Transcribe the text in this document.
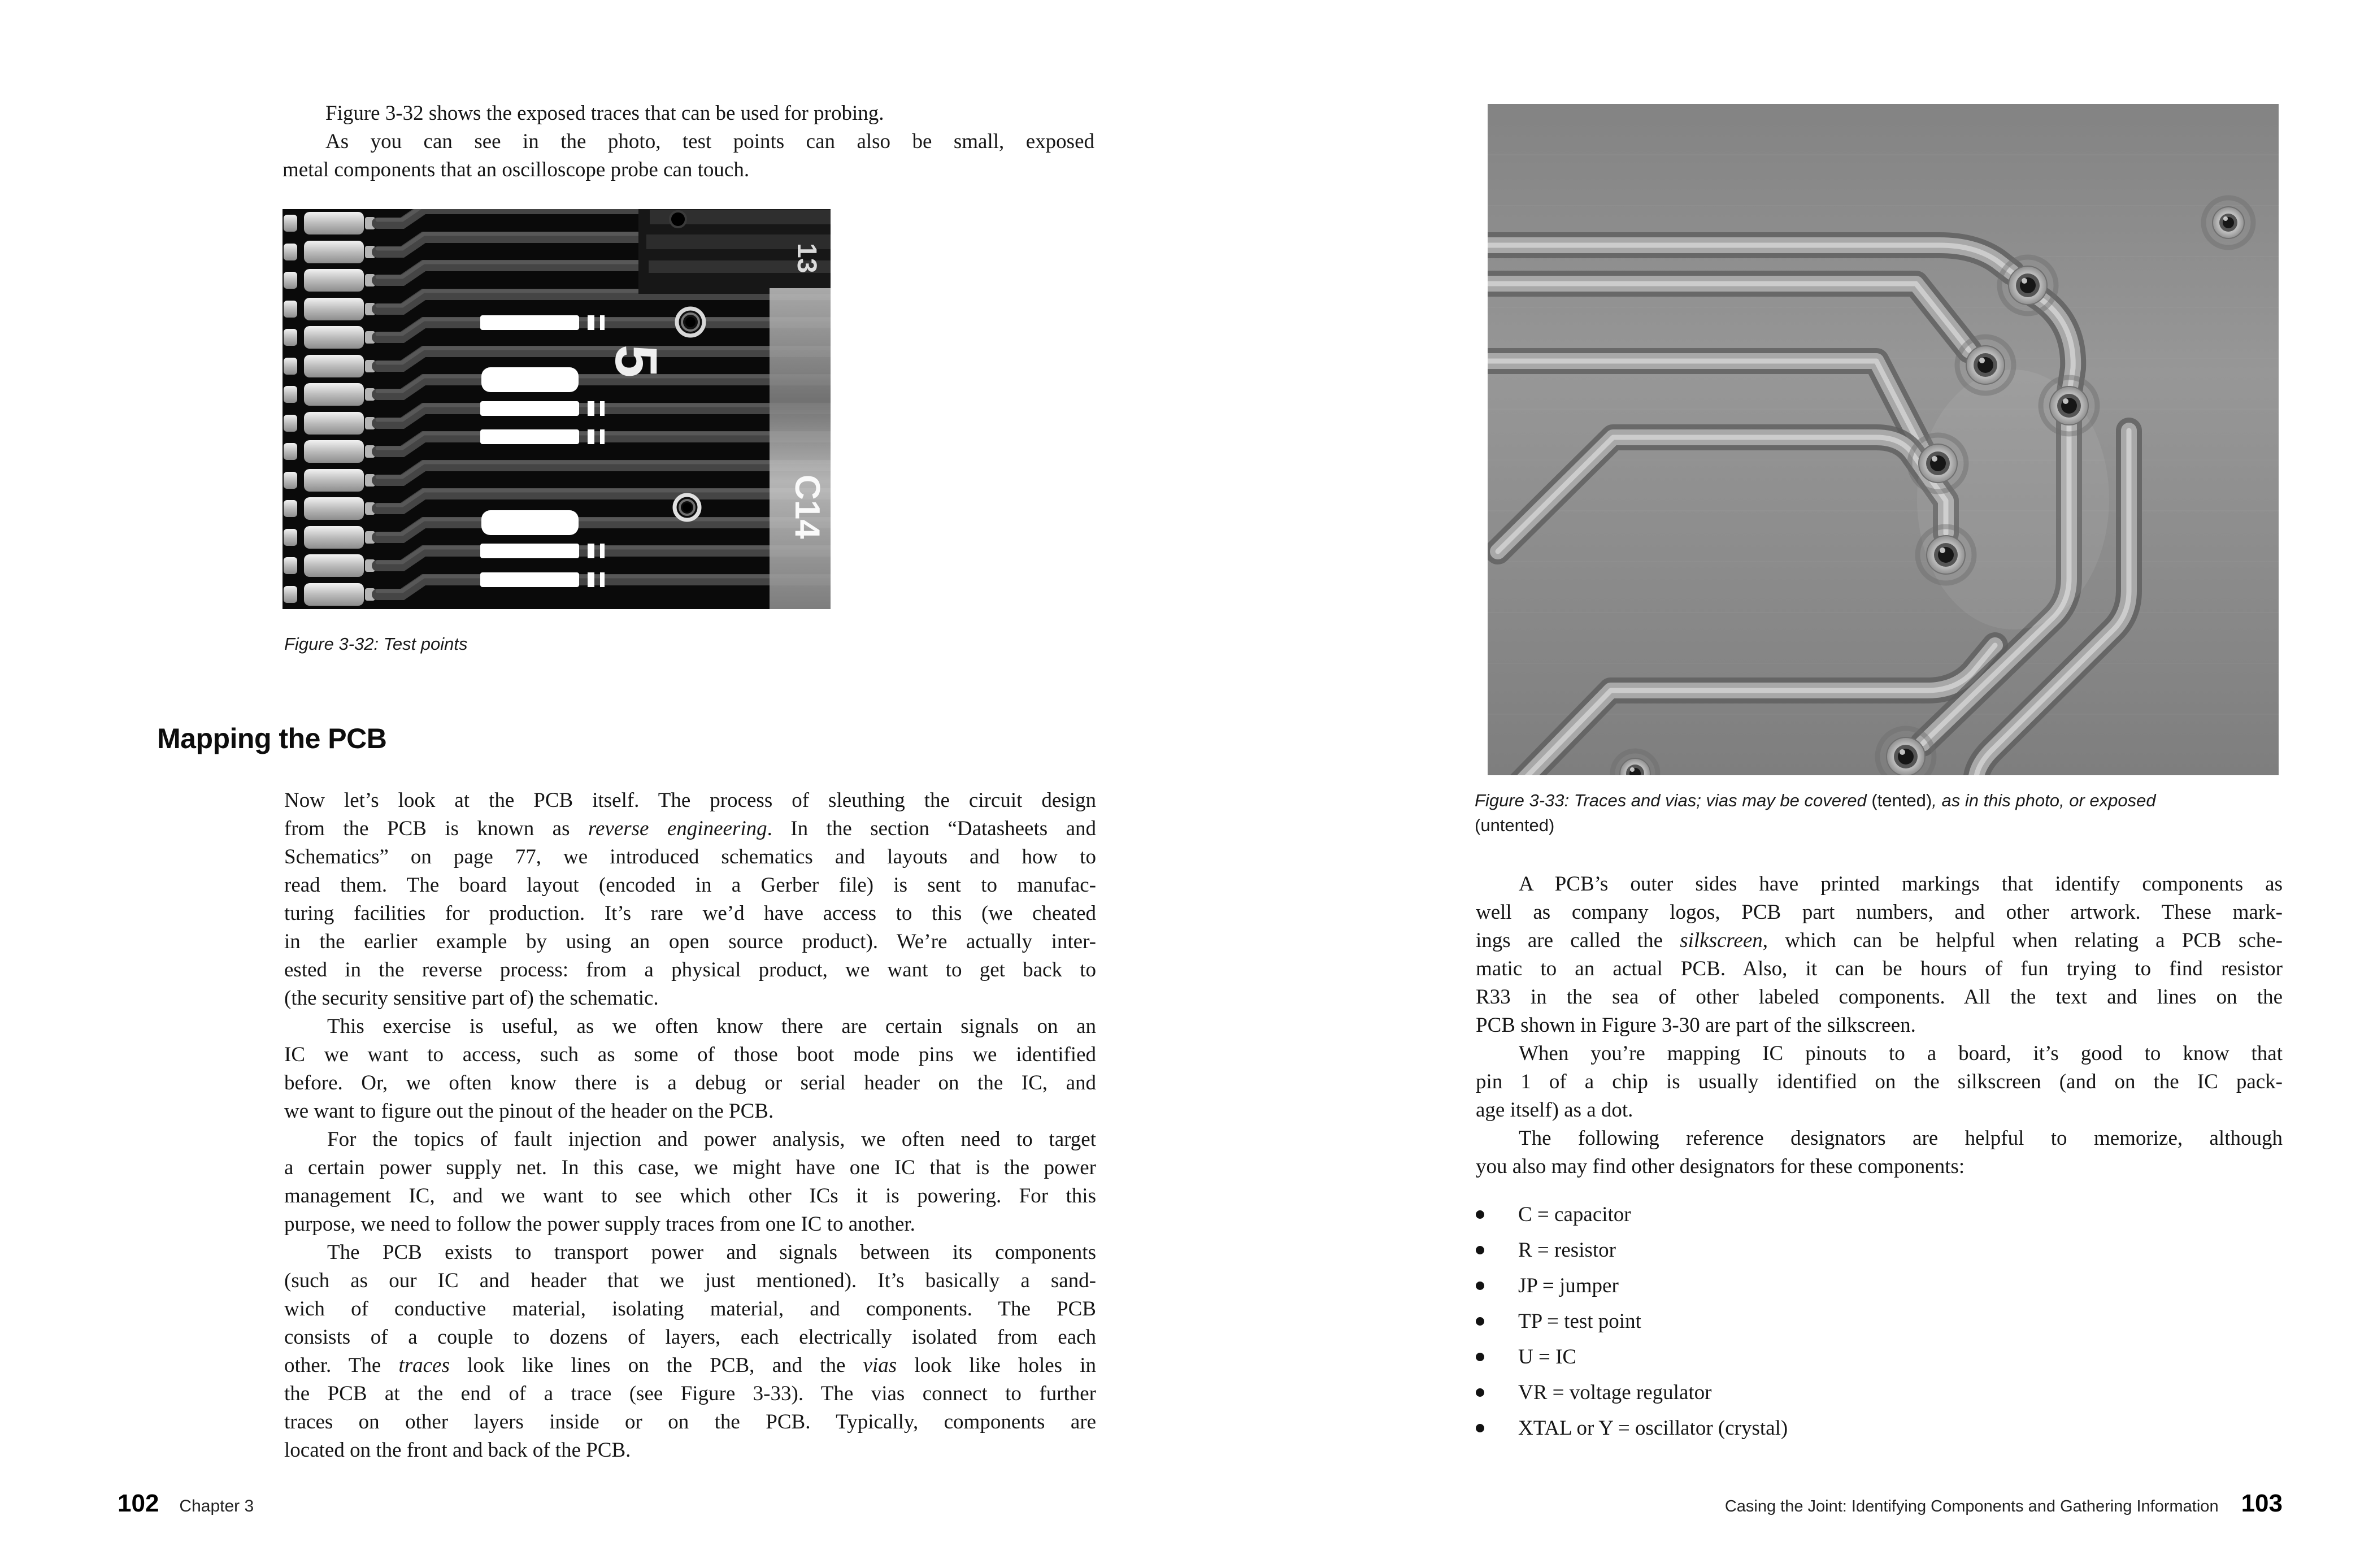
Figure 3-32 shows the exposed traces that can be used for probing.
As you can see in the photo, test points can also be small, exposed
metal components that an oscilloscope probe can touch.
5
C14
13
Figure 3-32: Test points
Mapping the PCB
Now let’s look at the PCB itself. The process of sleuthing the circuit design
from the PCB is known as reverse engineering. In the section “Datasheets and
Schematics” on page 77, we introduced schematics and layouts and how to
read them. The board layout (encoded in a Gerber file) is sent to manufac-
turing facilities for production. It’s rare we’d have access to this (we cheated
in the earlier example by using an open source product). We’re actually inter-
ested in the reverse process: from a physical product, we want to get back to
(the security sensitive part of) the schematic.
This exercise is useful, as we often know there are certain signals on an
IC we want to access, such as some of those boot mode pins we identified
before. Or, we often know there is a debug or serial header on the IC, and
we want to figure out the pinout of the header on the PCB.
For the topics of fault injection and power analysis, we often need to target
a certain power supply net. In this case, we might have one IC that is the power
management IC, and we want to see which other ICs it is powering. For this
purpose, we need to follow the power supply traces from one IC to another.
The PCB exists to transport power and signals between its components
(such as our IC and header that we just mentioned). It’s basically a sand-
wich of conductive material, isolating material, and components. The PCB
consists of a couple to dozens of layers, each electrically isolated from each
other. The traces look like lines on the PCB, and the vias look like holes in
the PCB at the end of a trace (see Figure 3-33). The vias connect to further
traces on other layers inside or on the PCB. Typically, components are
located on the front and back of the PCB.
102 Chapter 3
Figure 3-33: Traces and vias; vias may be covered (tented), as in this photo, or exposed
(untented)
A PCB’s outer sides have printed markings that identify components as
well as company logos, PCB part numbers, and other artwork. These mark-
ings are called the silkscreen, which can be helpful when relating a PCB sche-
matic to an actual PCB. Also, it can be hours of fun trying to find resistor
R33 in the sea of other labeled components. All the text and lines on the
PCB shown in Figure 3-30 are part of the silkscreen.
When you’re mapping IC pinouts to a board, it’s good to know that
pin 1 of a chip is usually identified on the silkscreen (and on the IC pack-
age itself) as a dot.
The following reference designators are helpful to memorize, although
you also may find other designators for these components:
C = capacitor
R = resistor
JP = jumper
TP = test point
U = IC
VR = voltage regulator
XTAL or Y = oscillator (crystal)
Casing the Joint: Identifying Components and Gathering Information 103
